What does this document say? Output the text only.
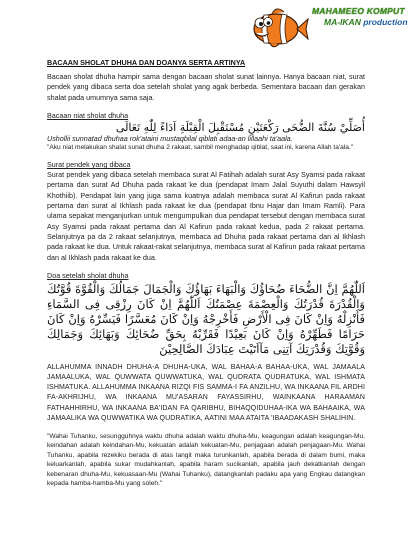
MAHAMEEO KOMPUT
MA-IKAN production
BACAAN SHOLAT DHUHA DAN DOANYA SERTA ARTINYA

Bacaan sholat dhuha hampir sama dengan bacaan sholat sunat lainnya. Hanya bacaan niat, surat pendek yang dibaca serta doa setelah sholat yang agak berbeda. Sementara bacaan dan gerakan shalat pada umumnya sama saja.

Bacaan niat sholat dhuha
أُصَلِّيْ سُنَّةَ الضُّحَى رَكْعَتَيْنِ مُسْتَقْبِلَ الْقِبْلَةِ اَدَاءً لِلّٰهِ تَعَالَى
Ushollii sunnatad dhuhaa rok'ataini mustaqbilal qiblati adaa-an lillaahi ta'aala.

"Aku niat melakukan shalat sunat dhuha 2 rakaat, sambil menghadap qiblat, saat ini, karena Allah ta'ala."

Surat pendek yang dibaca

Surat pendek yang dibaca setelah membaca surat Al Fatihah adalah surat Asy Syamsi pada rakaat pertama dan surat Ad Dhuha pada rakaat ke dua (pendapat Imam Jalal Suyuthi dalam Hawsyil Khothiib). Pendapat lain yang juga sama kuatnya adalah membaca surat Al Kafirun pada rakaat pertama dan surat al Ikhlash pada rakaat ke dua (pendapat Ibnu Hajar dan Imam Ramli). Para ulama sepakat menganjurkan untuk mengumpulkan dua pendapat tersebut dengan membaca surat Asy Syamsi pada rakaat pertama dan Al Kafirun pada rakaat kedua, pada 2 rakaat pertama. Selanjutnya pa da 2 rakaat selanjutnya, membaca ad Dhuha pada rakaat pertama dan al Ikhlash pada rakaat ke dua. Untuk rakaat-rakat selanjutnya, membaca surat al Kafirun pada rakaat pertama dan al Ikhlash pada rakaat ke dua.

Doa setelah sholat dhuha
اَللّٰهُمَّ اِنَّ الضُّحَاءَ ضُحَاؤُكَ وَالْبَهَاءَ بَهَاؤُكَ وَالْجَمَالَ جَمَالُكَ وَالْقُوَّةَ قُوَّتُكَ وَالْقُدْرَةَ قُدْرَتُكَ وَالْعِصْمَةَ عِصْمَتُكَ اَللّٰهُمَّ اِنْ كَانَ رِزْقِى فِى السَّمَاءِ فَأَنْزِلْهُ وَاِنْ كَانَ فِى الْأَرْضِ فَأَخْرِجْهُ وَاِنْ كَانَ مُعَسَّرًا فَيَسِّرْهُ وَاِنْ كَانَ حَرَامًا فَطَهِّرْهُ وَاِنْ كَانَ بَعِيْدًا فَقَرِّبْهُ بِحَقِّ ضُحَائِكَ وَبَهَائِكَ وَجَمَالِكَ وَقُوَّتِكَ وَقُدْرَتِكَ آتِنِى مَآاَتَيْتَ عِبَادَكَ الصَّالِحِيْنَ

ALLAHUMMA INNADH DHUHA-A DHUHA-UKA, WAL BAHAA-A BAHAA-UKA, WAL JAMAALA JAMAALUKA, WAL QUWWATA QUWWATUKA, WAL QUDRATA QUDRATUKA, WAL ISHMATA ISHMATUKA. ALLAHUMMA INKAANA RIZQI FIS SAMMA-I FA ANZILHU, WA INKAANA FIL ARDHI FA-AKHRIJHU, WA INKAANA MU'ASARAN FAYASSIRHU, WAINKAANA HARAAMAN FATHAHHIRHU, WA INKAANA BA'IDAN FA QARIBHU, BIHAQQIDUHAA-IKA WA BAHAAIKA, WA JAMAALIKA WA QUWWATIKA WA QUDRATIKA, AATINI MAA ATAITA 'IBAADAKASH SHALIHIN.

"Wahai Tuhanku, sesungguhnya waktu dhuha adalah waktu dhuha-Mu, keagungan adalah keagungan-Mu, keindahan adalah keindahan-Mu, kekuatan adalah kekuatan-Mu, penjagaan adalah penjagaan-Mu. Wahai Tuhanku, apabila rezekiku berada di atas langit maka turunkanlah, apabila berada di dalam bumi, maka keluarkanlah, apabila sukar mudahkanlah, apabila haram sucikanlah, apabila jauh dekatkanlah dengan kebenaran dhuha-Mu, kekuasaan-Mu (Wahai Tuhanku), datangkanlah padaku apa yang Engkau datangkan kepada hamba-hamba-Mu yang soleh."
